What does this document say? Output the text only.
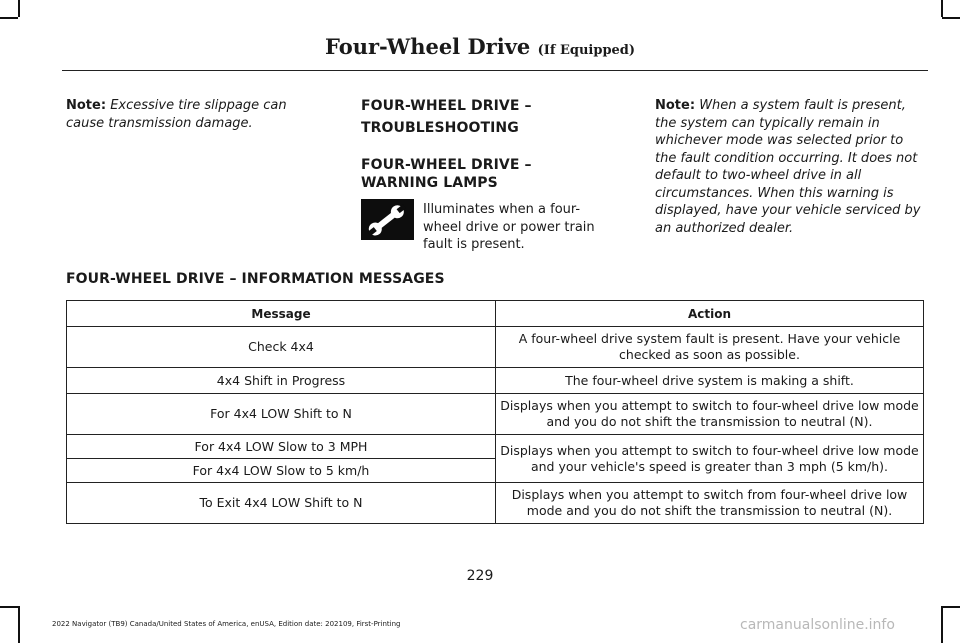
Four-Wheel Drive (If Equipped)
Note: Excessive tire slippage can cause transmission damage.
FOUR-WHEEL DRIVE –
TROUBLESHOOTING
FOUR-WHEEL DRIVE – WARNING LAMPS
Illuminates when a four-wheel drive or power train fault is present.
Note: When a system fault is present, the system can typically remain in whichever mode was selected prior to the fault condition occurring. It does not default to two-wheel drive in all circumstances. When this warning is displayed, have your vehicle serviced by an authorized dealer.
FOUR-WHEEL DRIVE – INFORMATION MESSAGES
Message	Action
Check 4x4	A four-wheel drive system fault is present. Have your vehicle checked as soon as possible.
4x4 Shift in Progress	The four-wheel drive system is making a shift.
For 4x4 LOW Shift to N	Displays when you attempt to switch to four-wheel drive low mode and you do not shift the transmission to neutral (N).
For 4x4 LOW Slow to 3 MPH	Displays when you attempt to switch to four-wheel drive low mode and your vehicle's speed is greater than 3 mph (5 km/h).
For 4x4 LOW Slow to 5 km/h	
To Exit 4x4 LOW Shift to N	Displays when you attempt to switch from four-wheel drive low mode and you do not shift the transmission to neutral (N).
229
2022 Navigator (TB9) Canada/United States of America, enUSA, Edition date: 202109, First-Printing	carmanualsonline.info
